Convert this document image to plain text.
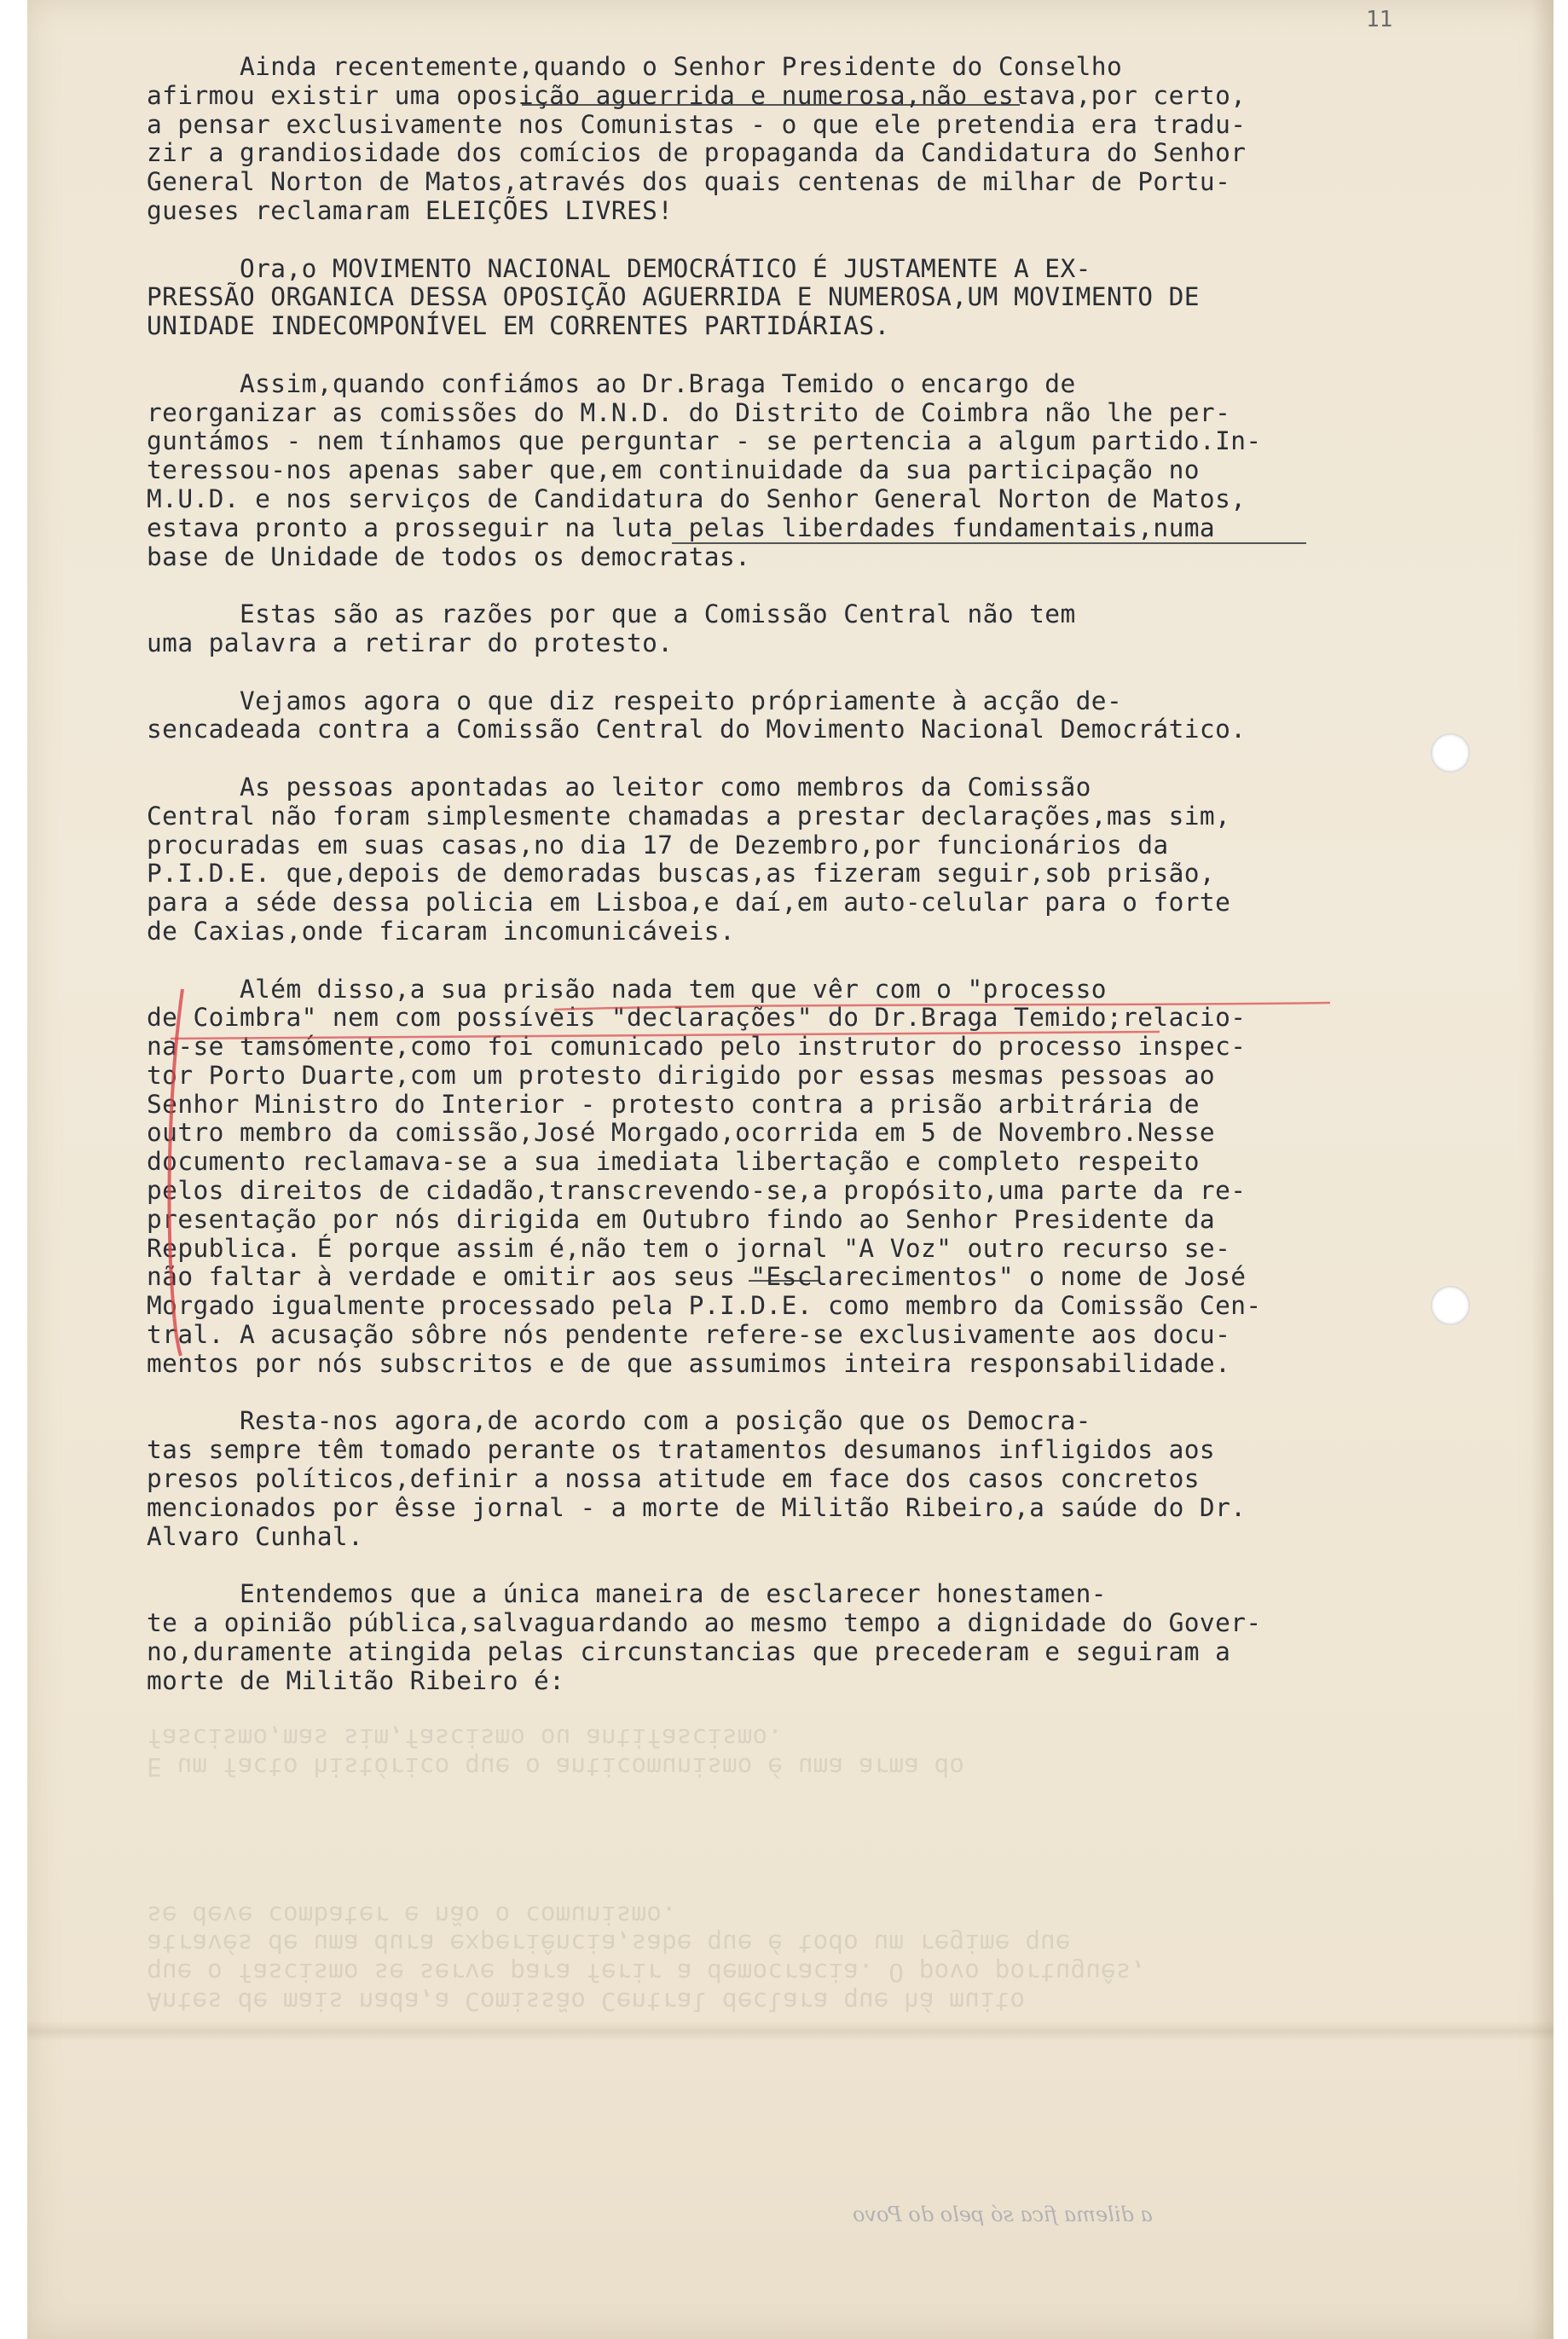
11
Antes de mais nada,a Comissão Central declara que há muito
que o fascismo se serve para ferir a democracia. O povo português,
através de uma dura experiência,sabe que é todo um regime que
se deve combater e não o comunismo.
E um facto histórico que o anticomunismo é uma arma do
fascismo,mas sim,fascismo ou antifascismo.

Ainda recentemente,quando o Senhor Presidente do Conselho
afirmou existir uma oposição aguerrida e numerosa,não estava,por certo,
a pensar exclusivamente nos Comunistas - o que ele pretendia era tradu-
zir a grandiosidade dos comícios de propaganda da Candidatura do Senhor
General Norton de Matos,através dos quais centenas de milhar de Portu-
gueses reclamaram ELEIÇÕES LIVRES!

Ora,o MOVIMENTO NACIONAL DEMOCRÁTICO É JUSTAMENTE A EX-
PRESSÃO ORGANICA DESSA OPOSIÇÃO AGUERRIDA E NUMEROSA,UM MOVIMENTO DE
UNIDADE INDECOMPONÍVEL EM CORRENTES PARTIDÁRIAS.

Assim,quando confiámos ao Dr.Braga Temido o encargo de
reorganizar as comissões do M.N.D. do Distrito de Coimbra não lhe per-
guntámos - nem tínhamos que perguntar - se pertencia a algum partido.In-
teressou-nos apenas saber que,em continuidade da sua participação no
M.U.D. e nos serviços de Candidatura do Senhor General Norton de Matos,
estava pronto a prosseguir na luta pelas liberdades fundamentais,numa
base de Unidade de todos os democratas.

Estas são as razões por que a Comissão Central não tem
uma palavra a retirar do protesto.

Vejamos agora o que diz respeito própriamente à acção de-
sencadeada contra a Comissão Central do Movimento Nacional Democrático.

As pessoas apontadas ao leitor como membros da Comissão
Central não foram simplesmente chamadas a prestar declarações,mas sim,
procuradas em suas casas,no dia 17 de Dezembro,por funcionários da
P.I.D.E. que,depois de demoradas buscas,as fizeram seguir,sob prisão,
para a séde dessa policia em Lisboa,e daí,em auto-celular para o forte
de Caxias,onde ficaram incomunicáveis.

Além disso,a sua prisão nada tem que vêr com o "processo
de Coimbra" nem com possíveis "declarações" do Dr.Braga Temido;relacio-
na-se tamsómente,como foi comunicado pelo instrutor do processo inspec-
tor Porto Duarte,com um protesto dirigido por essas mesmas pessoas ao
Senhor Ministro do Interior - protesto contra a prisão arbitrária de
outro membro da comissão,José Morgado,ocorrida em 5 de Novembro.Nesse
documento reclamava-se a sua imediata libertação e completo respeito
pelos direitos de cidadão,transcrevendo-se,a propósito,uma parte da re-
presentação por nós dirigida em Outubro findo ao Senhor Presidente da
Republica. É porque assim é,não tem o jornal "A Voz" outro recurso se-
não faltar à verdade e omitir aos seus "Esclarecimentos" o nome de José
Morgado igualmente processado pela P.I.D.E. como membro da Comissão Cen-
tral. A acusação sôbre nós pendente refere-se exclusivamente aos docu-
mentos por nós subscritos e de que assumimos inteira responsabilidade.

Resta-nos agora,de acordo com a posição que os Democra-
tas sempre têm tomado perante os tratamentos desumanos infligidos aos
presos políticos,definir a nossa atitude em face dos casos concretos
mencionados por êsse jornal - a morte de Militão Ribeiro,a saúde do Dr.
Alvaro Cunhal.

Entendemos que a única maneira de esclarecer honestamen-
te a opinião pública,salvaguardando ao mesmo tempo a dignidade do Gover-
no,duramente atingida pelas circunstancias que precederam e seguiram a
morte de Militão Ribeiro é:

a dilema fica só pelo do Povo
